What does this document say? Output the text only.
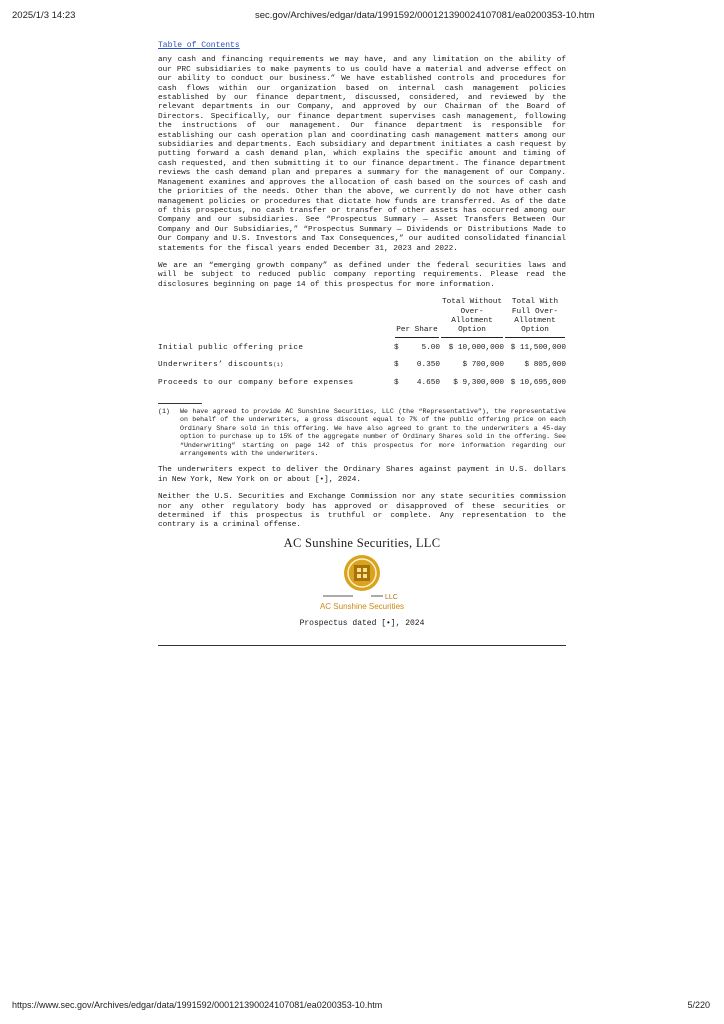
2025/1/3 14:23	sec.gov/Archives/edgar/data/1991592/000121390024107081/ea0200353-10.htm
Table of Contents

any cash and financing requirements we may have, and any limitation on the ability of our PRC subsidiaries to make payments to us could have a material and adverse effect on our ability to conduct our business.” We have established controls and procedures for cash flows within our organization based on internal cash management policies established by our finance department, discussed, considered, and reviewed by the relevant departments in our Company, and approved by our Chairman of the Board of Directors. Specifically, our finance department supervises cash management, following the instructions of our management. Our finance department is responsible for establishing our cash operation plan and coordinating cash management matters among our subsidiaries and departments. Each subsidiary and department initiates a cash request by putting forward a cash demand plan, which explains the specific amount and timing of cash requested, and then submitting it to our finance department. The finance department reviews the cash demand plan and prepares a summary for the management of our Company. Management examines and approves the allocation of cash based on the sources of cash and the priorities of the needs. Other than the above, we currently do not have other cash management policies or procedures that dictate how funds are transferred. As of the date of this prospectus, no cash transfer or transfer of other assets has occurred among our Company and our subsidiaries. See “Prospectus Summary — Asset Transfers Between Our Company and Our Subsidiaries,” “Prospectus Summary — Dividends or Distributions Made to Our Company and U.S. Investors and Tax Consequences,” our audited consolidated financial statements for the fiscal years ended December 31, 2023 and 2022.

We are an “emerging growth company” as defined under the federal securities laws and will be subject to reduced public company reporting requirements. Please read the disclosures beginning on page 14 of this prospectus for more information.

	Per Share		Total Without Over-Allotment Option	Total With Full Over-Allotment Option

Initial public offering price	$	5.00	$ 10,000,000	$ 11,500,000
Underwriters’ discounts$^{(1)}$	$	0.350	$ 700,000	$ 805,000
Proceeds to our company before expenses	$	4.650	$ 9,300,000	$ 10,695,000
(1)	We have agreed to provide AC Sunshine Securities, LLC (the “Representative”), the representative on behalf of the underwriters, a gross discount equal to 7% of the public offering price on each Ordinary Share sold in this offering. We have also agreed to grant to the underwriters a 45-day option to purchase up to 15% of the aggregate number of Ordinary Shares sold in the offering. See “Underwriting” starting on page 142 of this prospectus for more information regarding our arrangements with the underwriters.

The underwriters expect to deliver the Ordinary Shares against payment in U.S. dollars in New York, New York on or about [•], 2024.

Neither the U.S. Securities and Exchange Commission nor any state securities commission nor any other regulatory body has approved or disapproved of these securities or determined if this prospectus is truthful or complete. Any representation to the contrary is a criminal offense.

AC Sunshine Securities, LLC
LLC
AC Sunshine Securities
Prospectus dated [•], 2024
https://www.sec.gov/Archives/edgar/data/1991592/000121390024107081/ea0200353-10.htm	5/220
